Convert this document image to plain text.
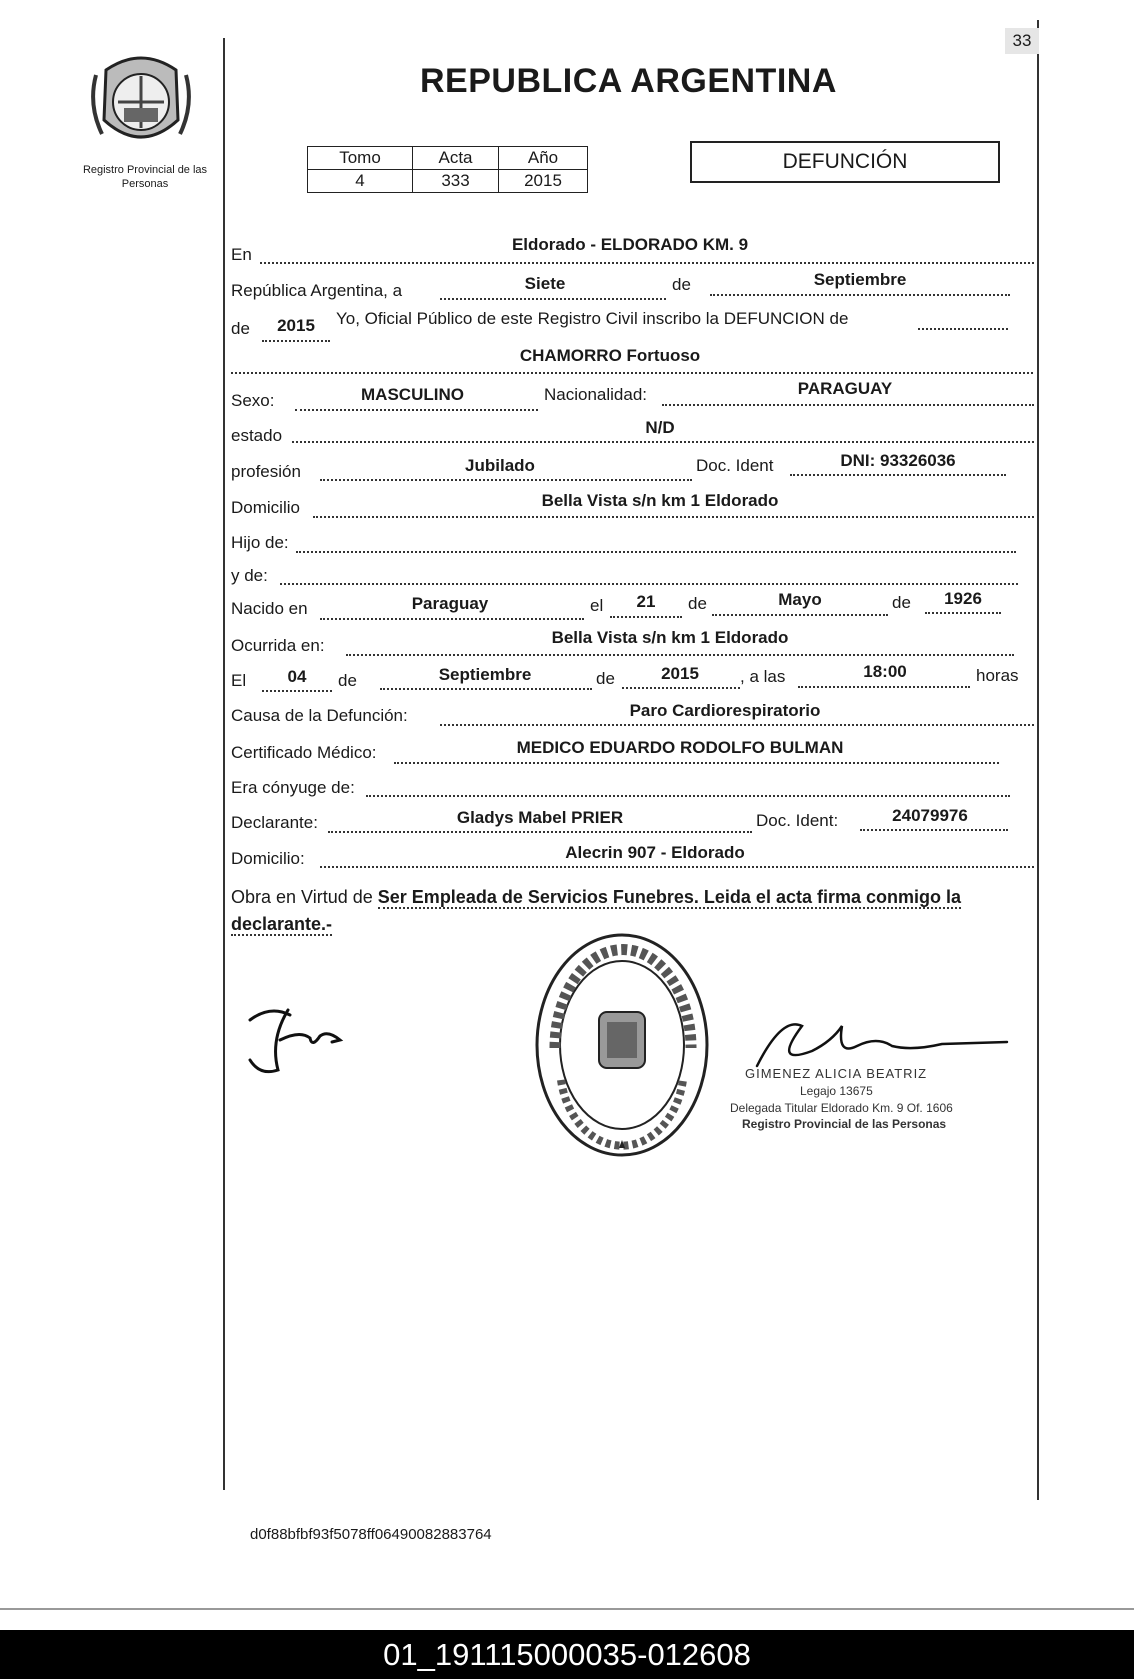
33
Registro Provincial de las Personas
REPUBLICA ARGENTINA
Tomo	Acta	Año
4	333	2015
DEFUNCIÓN
En
Eldorado - ELDORADO KM. 9
República Argentina, a	Siete	de	Septiembre
de	2015	Yo, Oficial Público de este Registro Civil inscribo la DEFUNCION de
CHAMORRO Fortuoso
Sexo:	MASCULINO	Nacionalidad:	PARAGUAY
estado	N/D
profesión	Jubilado	Doc. Ident	DNI: 93326036
Domicilio	Bella Vista s/n km 1 Eldorado
Hijo de:
y de:
Nacido en	Paraguay	el	21	de	Mayo	de	1926
Ocurrida en:	Bella Vista s/n km 1 Eldorado
El	04	de	Septiembre	de	2015	, a las	18:00	horas
Causa de la Defunción:	Paro Cardiorespiratorio
Certificado Médico:	MEDICO EDUARDO RODOLFO BULMAN
Era cónyuge de:
Declarante:	Gladys Mabel PRIER	Doc. Ident:	24079976
Domicilio:	Alecrin 907 - Eldorado
Obra en Virtud de Ser Empleada de Servicios Funebres. Leida el acta firma conmigo la declarante.-
GIMENEZ ALICIA BEATRIZ
Legajo 13675
Delegada Titular Eldorado Km. 9 Of. 1606
Registro Provincial de las Personas
d0f88bfbf93f5078ff06490082883764
01_191115000035-012608
